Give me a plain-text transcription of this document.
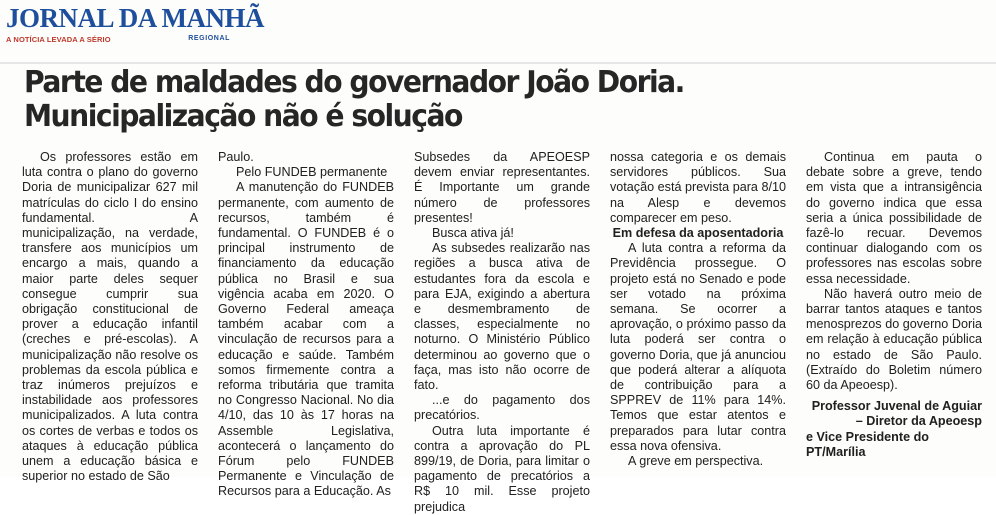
JORNAL DA MANHÃ
A NOTÍCIA LEVADA A SÉRIO	REGIONAL
Parte de maldades do governador João Doria.
Municipalização não é solução

Os professores estão em luta contra o plano do governo Doria de municipalizar 627 mil matrículas do ciclo I do ensino fundamental. A municipalização, na verdade, transfere aos municípios um encargo a mais, quando a maior parte deles sequer consegue cumprir sua obrigação constitucional de prover a educação infantil (creches e pré-escolas). A municipalização não resolve os problemas da escola pública e traz inúmeros prejuízos e instabilidade aos professores municipalizados. A luta contra os cortes de verbas e todos os ataques à educação pública unem a educação básica e superior no estado de São

Paulo.

Pelo FUNDEB permanente

A manutenção do FUNDEB permanente, com aumento de recursos, também é fundamental. O FUNDEB é o principal instrumento de financiamento da educação pública no Brasil e sua vigência acaba em 2020. O Governo Federal ameaça também acabar com a vinculação de recursos para a educação e saúde. Também somos firmemente contra a reforma tributária que tramita no Congresso Nacional. No dia 4/10, das 10 às 17 horas na Assemble Legislativa, acontecerá o lançamento do Fórum pelo FUNDEB Permanente e Vinculação de Recursos para a Educação. As

Subsedes da APEOESP devem enviar representantes. É Importante um grande número de professores presentes!

Busca ativa já!

As subsedes realizarão nas regiões a busca ativa de estudantes fora da escola e para EJA, exigindo a abertura e desmembramento de classes, especialmente no noturno. O Ministério Público determinou ao governo que o faça, mas isto não ocorre de fato.

...e do pagamento dos precatórios.

Outra luta importante é contra a aprovação do PL 899/19, de Doria, para limitar o pagamento de precatórios a R$ 10 mil. Esse projeto prejudica

nossa categoria e os demais servidores públicos. Sua votação está prevista para 8/10 na Alesp e devemos comparecer em peso.

Em defesa da aposentadoria

A luta contra a reforma da Previdência prossegue. O projeto está no Senado e pode ser votado na próxima semana. Se ocorrer a aprovação, o próximo passo da luta poderá ser contra o governo Doria, que já anunciou que poderá alterar a alíquota de contribuição para a SPPREV de 11% para 14%. Temos que estar atentos e preparados para lutar contra essa nova ofensiva.

A greve em perspectiva.

Continua em pauta o debate sobre a greve, tendo em vista que a intransigência do governo indica que essa seria a única possibilidade de fazê-lo recuar. Devemos continuar dialogando com os professores nas escolas sobre essa necessidade.

Não haverá outro meio de barrar tantos ataques e tantos menosprezos do governo Doria em relação à educação pública no estado de São Paulo. (Extraído do Boletim número 60 da Apeoesp).

Professor Juvenal de Aguiar – Diretor da Apeoesp
e Vice Presidente do PT/Marília
